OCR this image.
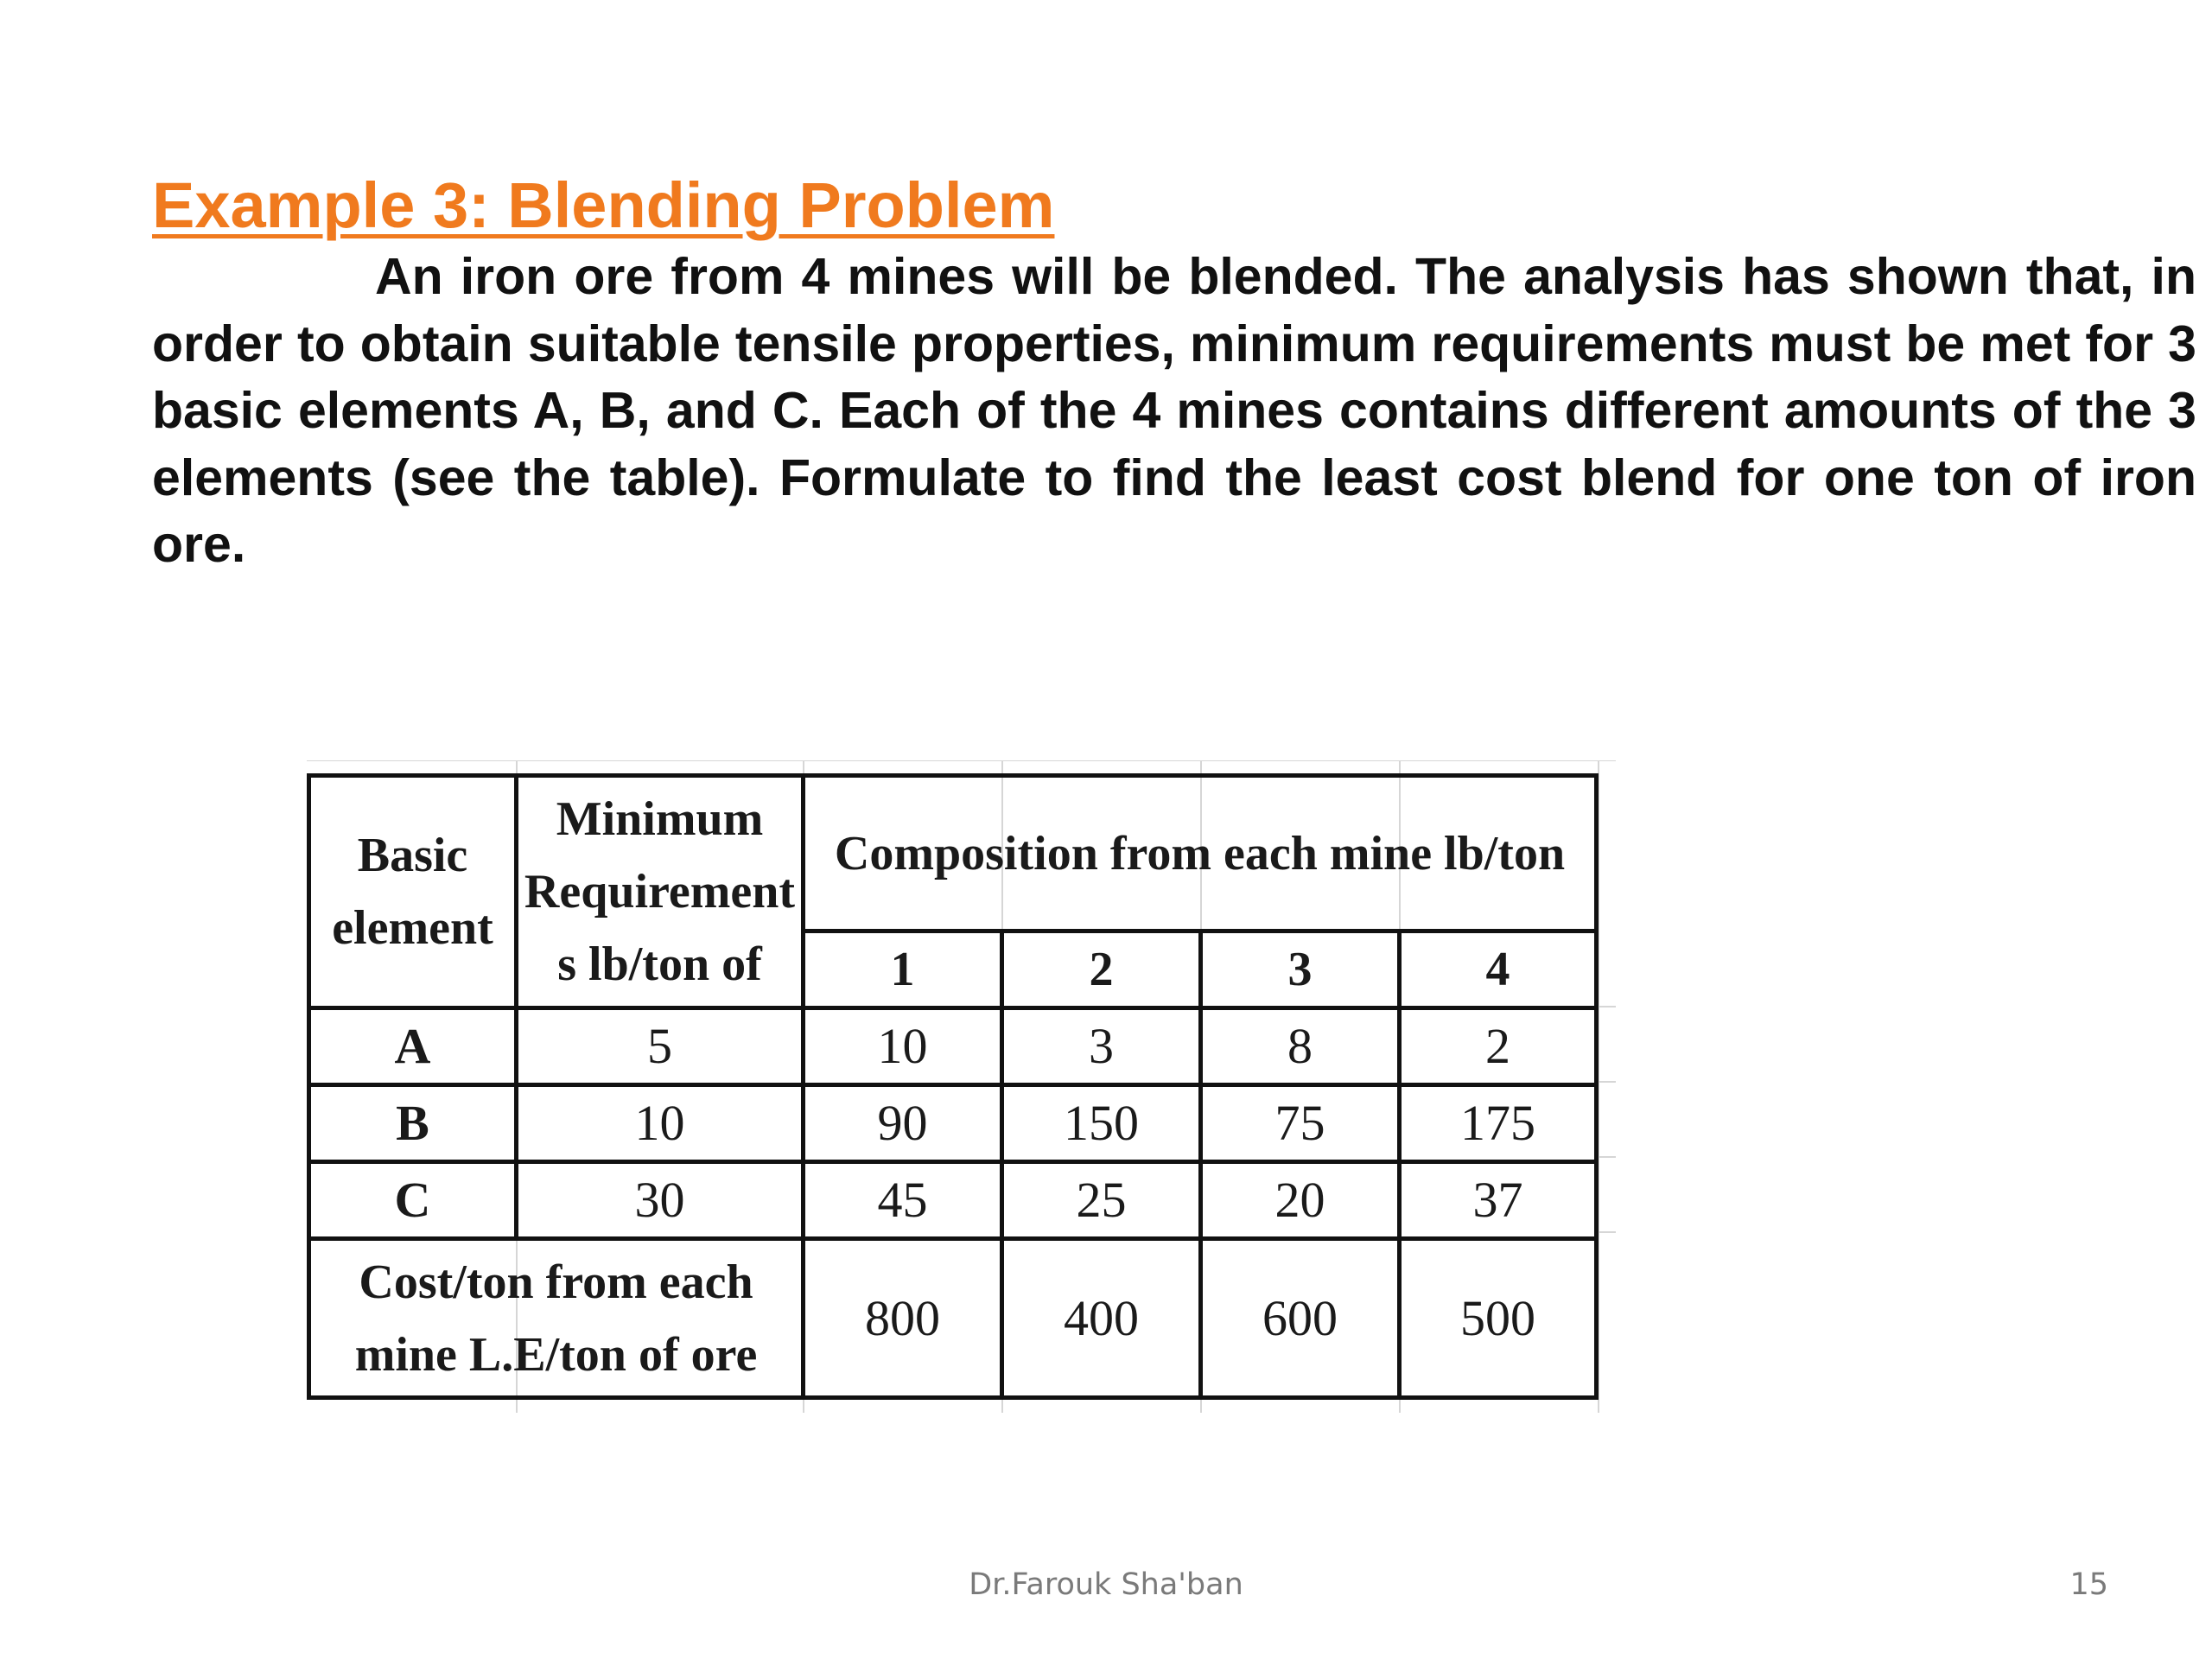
Example 3: Blending Problem

An iron ore from 4 mines will be blended. The analysis has shown that, in order to obtain suitable tensile properties, minimum requirements must be met for 3 basic elements A, B, and C. Each of the 4 mines contains different amounts of the 3 elements (see the table). Formulate to find the least cost blend for one ton of iron ore.

Basic element	Minimum Requirement s lb/ton of	Composition from each mine lb/ton			
		1	2	3	4
A	5	10	3	8	2
B	10	90	150	75	175
C	30	45	25	20	37
Cost/ton from each mine L.E/ton of ore		800	400	600	500

Dr.Farouk Sha'ban	15
